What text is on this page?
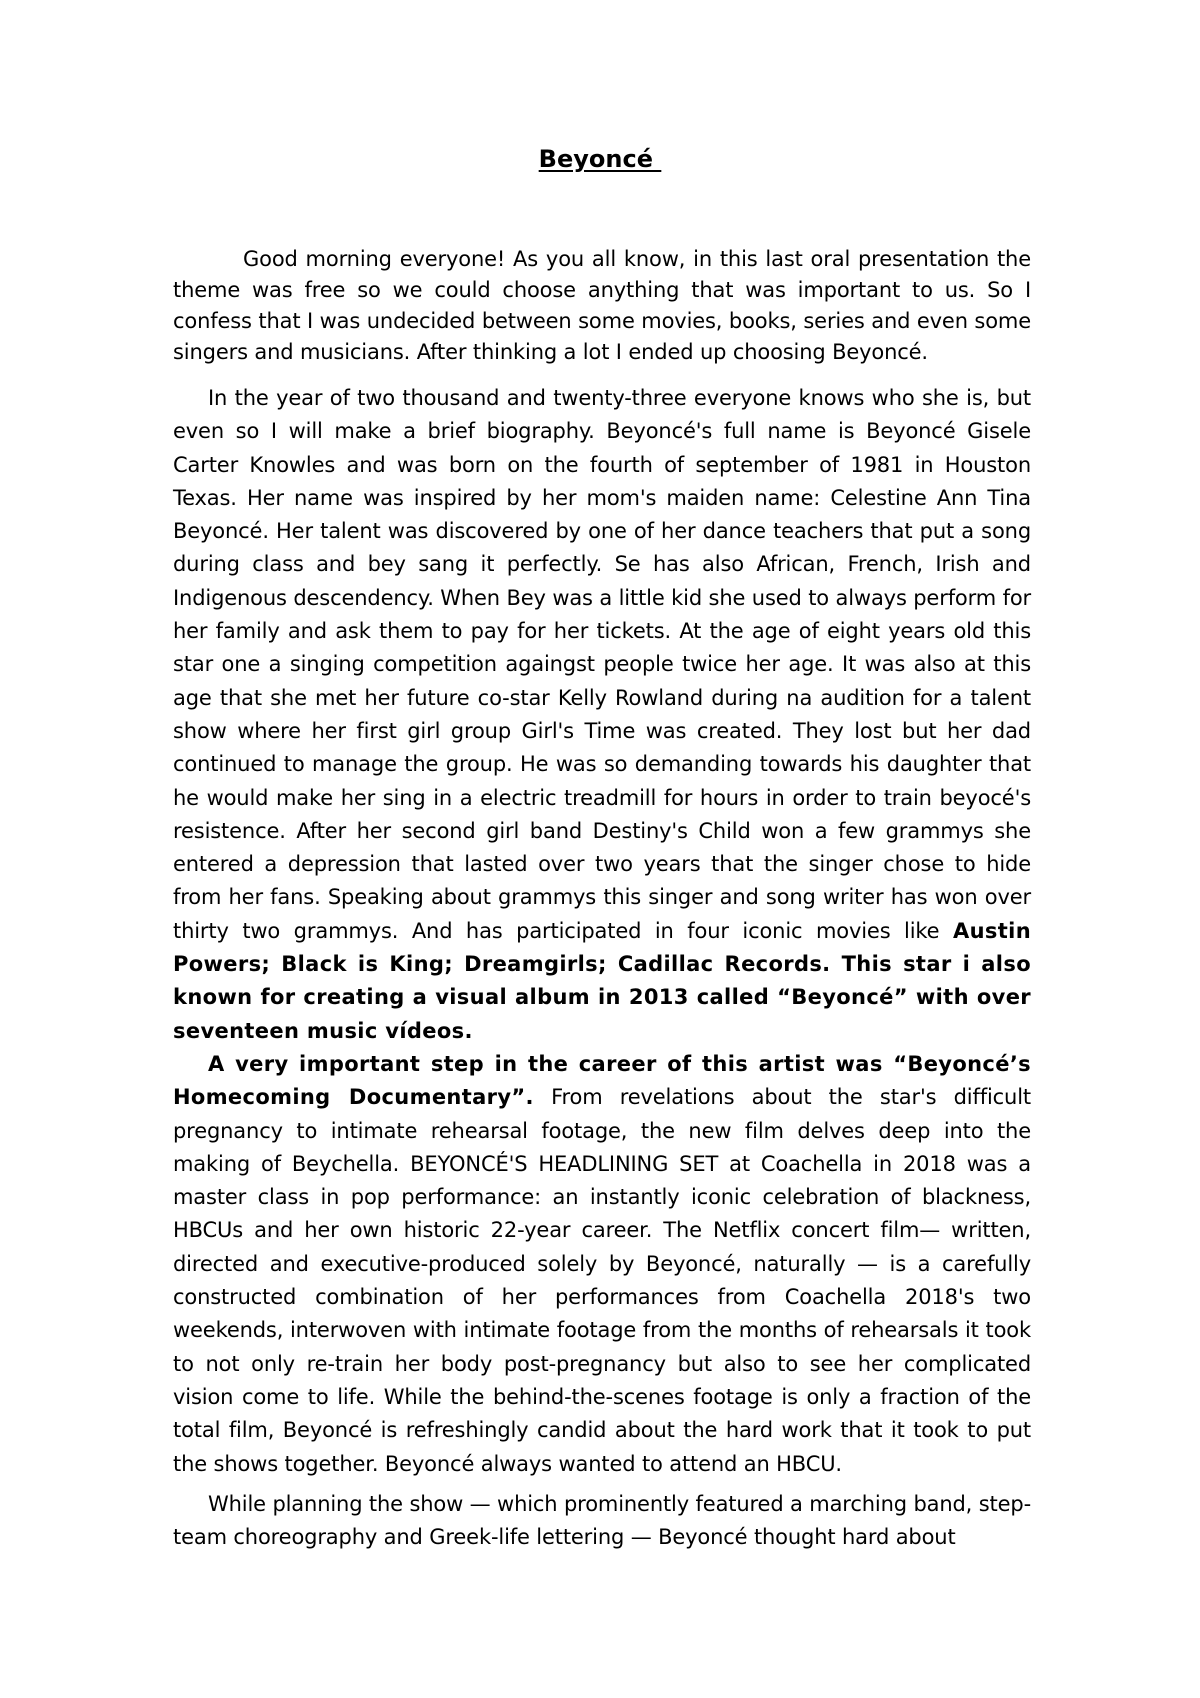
Beyoncé

Good morning everyone! As you all know, in this last oral presentation the theme was free so we could choose anything that was important to us. So I confess that I was undecided between some movies, books, series and even some singers and musicians. After thinking a lot I ended up choosing Beyoncé.

In the year of two thousand and twenty-three everyone knows who she is, but even so I will make a brief biography. Beyoncé's full name is Beyoncé Gisele Carter Knowles and was born on the fourth of september of 1981 in Houston Texas. Her name was inspired by her mom's maiden name: Celestine Ann Tina Beyoncé. Her talent was discovered by one of her dance teachers that put a song during class and bey sang it perfectly. Se has also African, French, Irish and Indigenous descendency. When Bey was a little kid she used to always perform for her family and ask them to pay for her tickets. At the age of eight years old this star one a singing competition againgst people twice her age. It was also at this age that she met her future co-star Kelly Rowland during na audition for a talent show where her first girl group Girl's Time was created. They lost but her dad continued to manage the group. He was so demanding towards his daughter that he would make her sing in a electric treadmill for hours in order to train beyocé's resistence. After her second girl band Destiny's Child won a few grammys she entered a depression that lasted over two years that the singer chose to hide from her fans. Speaking about grammys this singer and song writer has won over thirty two grammys. And has participated in four iconic movies like Austin Powers; Black is King; Dreamgirls; Cadillac Records. This star i also known for creating a visual album in 2013 called “Beyoncé” with over seventeen music vídeos.

A very important step in the career of this artist was “Beyoncé’s Homecoming Documentary”. From revelations about the star's difficult pregnancy to intimate rehearsal footage, the new film delves deep into the making of Beychella. BEYONCÉ'S HEADLINING SET at Coachella in 2018 was a master class in pop performance: an instantly iconic celebration of blackness, HBCUs and her own historic 22-year career. The Netflix concert film— written, directed and executive-produced solely by Beyoncé, naturally — is a carefully constructed combination of her performances from Coachella 2018's two weekends, interwoven with intimate footage from the months of rehearsals it took to not only re-train her body post-pregnancy but also to see her complicated vision come to life. While the behind-the-scenes footage is only a fraction of the total film, Beyoncé is refreshingly candid about the hard work that it took to put the shows together. Beyoncé always wanted to attend an HBCU.

While planning the show — which prominently featured a marching band, step-team choreography and Greek-life lettering — Beyoncé thought hard about
